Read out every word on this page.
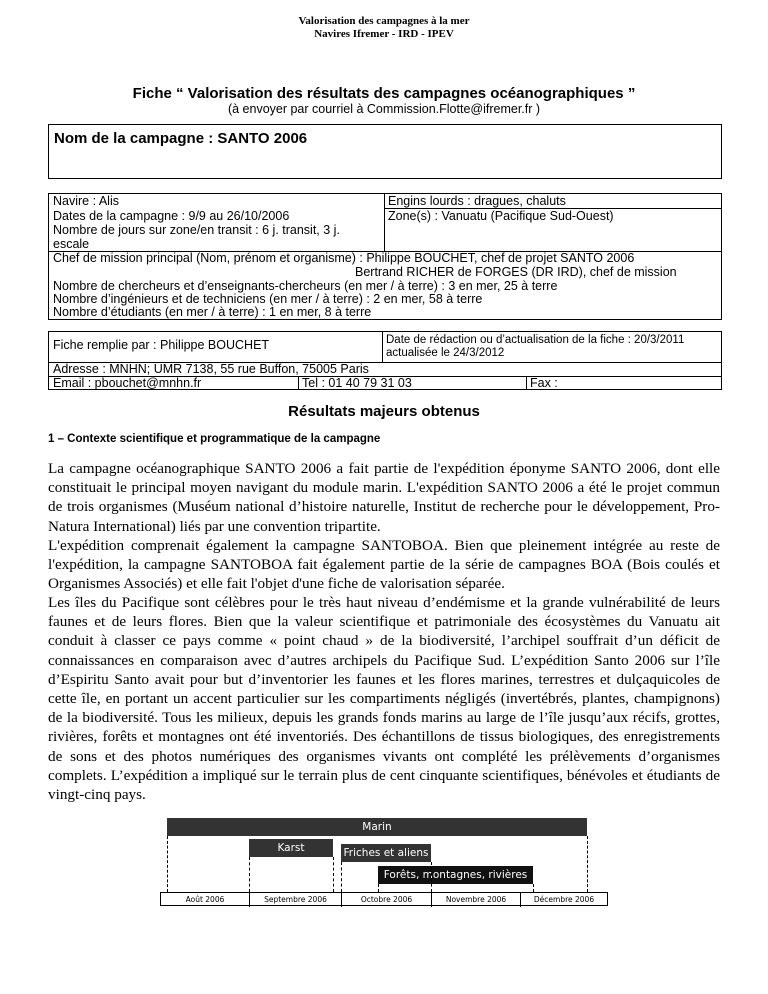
Valorisation des campagnes à la mer
Navires Ifremer - IRD - IPEV
Fiche “ Valorisation des résultats des campagnes océanographiques ”
(à envoyer par courriel à Commission.Flotte@ifremer.fr )
Nom de la campagne : SANTO 2006
Navire : Alis
Dates de la campagne : 9/9 au 26/10/2006
Nombre de jours sur zone/en transit : 6 j. transit, 3 j.
escale
Engins lourds : dragues, chaluts
Zone(s) : Vanuatu (Pacifique Sud-Ouest)
Chef de mission principal (Nom, prénom et organisme) : Philippe BOUCHET, chef de projet SANTO 2006
Bertrand RICHER de FORGES (DR IRD), chef de mission
Nombre de chercheurs et d’enseignants-chercheurs (en mer / à terre) : 3 en mer, 25 à terre
Nombre d’ingénieurs et de techniciens (en mer / à terre) : 2 en mer, 58 à terre
Nombre d’étudiants (en mer / à terre) : 1 en mer, 8 à terre
Fiche remplie par : Philippe BOUCHET	Date de rédaction ou d’actualisation de la fiche : 20/3/2011
actualisée le 24/3/2012
Adresse : MNHN; UMR 7138, 55 rue Buffon, 75005 Paris
Email : pbouchet@mnhn.fr	Tel : 01 40 79 31 03	Fax :
Résultats majeurs obtenus
1 – Contexte scientifique et programmatique de la campagne

La campagne océanographique SANTO 2006 a fait partie de l'expédition éponyme SANTO 2006, dont elle constituait le principal moyen navigant du module marin. L'expédition SANTO 2006 a été le projet commun de trois organismes (Muséum national d’histoire naturelle, Institut de recherche pour le développement, Pro-Natura International) liés par une convention tripartite.

L'expédition comprenait également la campagne SANTOBOA. Bien que pleinement intégrée au reste de l'expédition, la campagne SANTOBOA fait également partie de la série de campagnes BOA (Bois coulés et Organismes Associés) et elle fait l'objet d'une fiche de valorisation séparée.

Les îles du Pacifique sont célèbres pour le très haut niveau d’endémisme et la grande vulnérabilité de leurs faunes et de leurs flores. Bien que la valeur scientifique et patrimoniale des écosystèmes du Vanuatu ait conduit à classer ce pays comme « point chaud » de la biodiversité, l’archipel souffrait d’un déficit de connaissances en comparaison avec d’autres archipels du Pacifique Sud. L’expédition Santo 2006 sur l’île d’Espiritu Santo avait pour but d’inventorier les faunes et les flores marines, terrestres et dulçaquicoles de cette île, en portant un accent particulier sur les compartiments négligés (invertébrés, plantes, champignons) de la biodiversité. Tous les milieux, depuis les grands fonds marins au large de l’île jusqu’aux récifs, grottes, rivières, forêts et montagnes ont été inventoriés. Des échantillons de tissus biologiques, des enregistrements de sons et des photos numériques des organismes vivants ont complété les prélèvements d’organismes complets. L’expédition a impliqué sur le terrain plus de cent cinquante scientifiques, bénévoles et étudiants de vingt-cinq pays.

Marin
Karst	Friches et aliens
Forêts, montagnes, rivières
Août 2006	Septembre 2006	Octobre 2006	Novembre 2006	Décembre 2006
